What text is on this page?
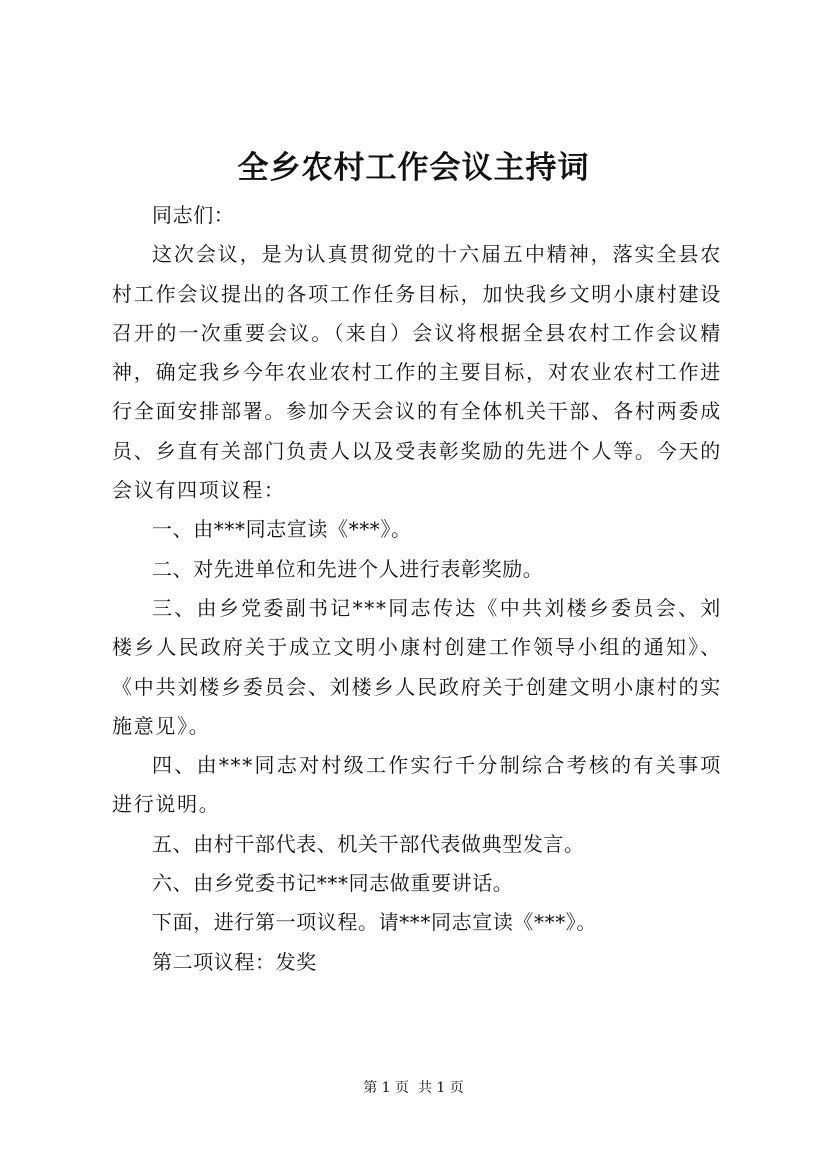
全乡农村工作会议主持词

同志们：

这次会议，是为认真贯彻党的十六届五中精神，落实全县农村工作会议提出的各项工作任务目标，加快我乡文明小康村建设召开的一次重要会议。（来自）会议将根据全县农村工作会议精神，确定我乡今年农业农村工作的主要目标，对农业农村工作进行全面安排部署。参加今天会议的有全体机关干部、各村两委成员、乡直有关部门负责人以及受表彰奖励的先进个人等。今天的会议有四项议程：

一、由***同志宣读《***》。

二、对先进单位和先进个人进行表彰奖励。

三、由乡党委副书记***同志传达《中共刘楼乡委员会、刘楼乡人民政府关于成立文明小康村创建工作领导小组的通知》、《中共刘楼乡委员会、刘楼乡人民政府关于创建文明小康村的实施意见》。

四、由***同志对村级工作实行千分制综合考核的有关事项进行说明。

五、由村干部代表、机关干部代表做典型发言。

六、由乡党委书记***同志做重要讲话。

下面，进行第一项议程。请***同志宣读《***》。

第二项议程：发奖

第 1 页  共 1 页
